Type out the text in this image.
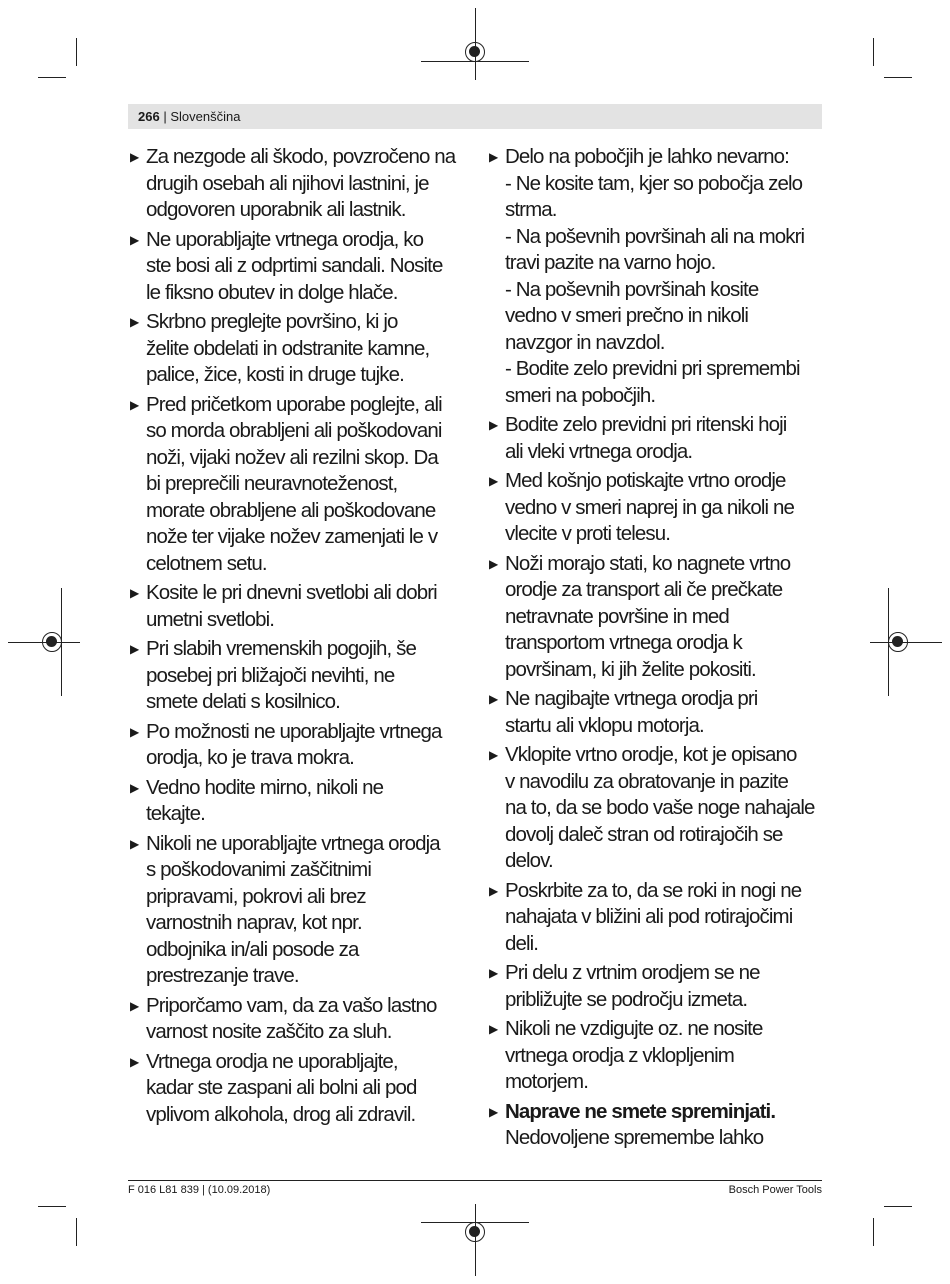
266 | Slovenščina
▶ Za nezgode ali škodo, povzročeno na
drugih osebah ali njihovi lastnini, je
odgovoren uporabnik ali lastnik.
▶ Ne uporabljajte vrtnega orodja, ko
ste bosi ali z odprtimi sandali. Nosite
le fiksno obutev in dolge hlače.
▶ Skrbno preglejte površino, ki jo
želite obdelati in odstranite kamne,
palice, žice, kosti in druge tujke.
▶ Pred pričetkom uporabe poglejte, ali
so morda obrabljeni ali poškodovani
noži, vijaki nožev ali rezilni skop. Da
bi preprečili neuravnoteženost,
morate obrabljene ali poškodovane
nože ter vijake nožev zamenjati le v
celotnem setu.
▶ Kosite le pri dnevni svetlobi ali dobri
umetni svetlobi.
▶ Pri slabih vremenskih pogojih, še
posebej pri bližajoči nevihti, ne
smete delati s kosilnico.
▶ Po možnosti ne uporabljajte vrtnega
orodja, ko je trava mokra.
▶ Vedno hodite mirno, nikoli ne
tekajte.
▶ Nikoli ne uporabljajte vrtnega orodja
s poškodovanimi zaščitnimi
pripravami, pokrovi ali brez
varnostnih naprav, kot npr.
odbojnika in/ali posode za
prestrezanje trave.
▶ Priporčamo vam, da za vašo lastno
varnost nosite zaščito za sluh.
▶ Vrtnega orodja ne uporabljajte,
kadar ste zaspani ali bolni ali pod
vplivom alkohola, drog ali zdravil.
▶ Delo na pobočjih je lahko nevarno:
- Ne kosite tam, kjer so pobočja zelo
strma.
- Na poševnih površinah ali na mokri
travi pazite na varno hojo.
- Na poševnih površinah kosite
vedno v smeri prečno in nikoli
navzgor in navzdol.
- Bodite zelo previdni pri spremembi
smeri na pobočjih.
▶ Bodite zelo previdni pri ritenski hoji
ali vleki vrtnega orodja.
▶ Med košnjo potiskajte vrtno orodje
vedno v smeri naprej in ga nikoli ne
vlecite v proti telesu.
▶ Noži morajo stati, ko nagnete vrtno
orodje za transport ali če prečkate
netravnate površine in med
transportom vrtnega orodja k
površinam, ki jih želite pokositi.
▶ Ne nagibajte vrtnega orodja pri
startu ali vklopu motorja.
▶ Vklopite vrtno orodje, kot je opisano
v navodilu za obratovanje in pazite
na to, da se bodo vaše noge nahajale
dovolj daleč stran od rotirajočih se
delov.
▶ Poskrbite za to, da se roki in nogi ne
nahajata v bližini ali pod rotirajočimi
deli.
▶ Pri delu z vrtnim orodjem se ne
približujte se področju izmeta.
▶ Nikoli ne vzdigujte oz. ne nosite
vrtnega orodja z vklopljenim
motorjem.
▶ Naprave ne smete spreminjati.
Nedovoljene spremembe lahko
F 016 L81 839 | (10.09.2018)	Bosch Power Tools
